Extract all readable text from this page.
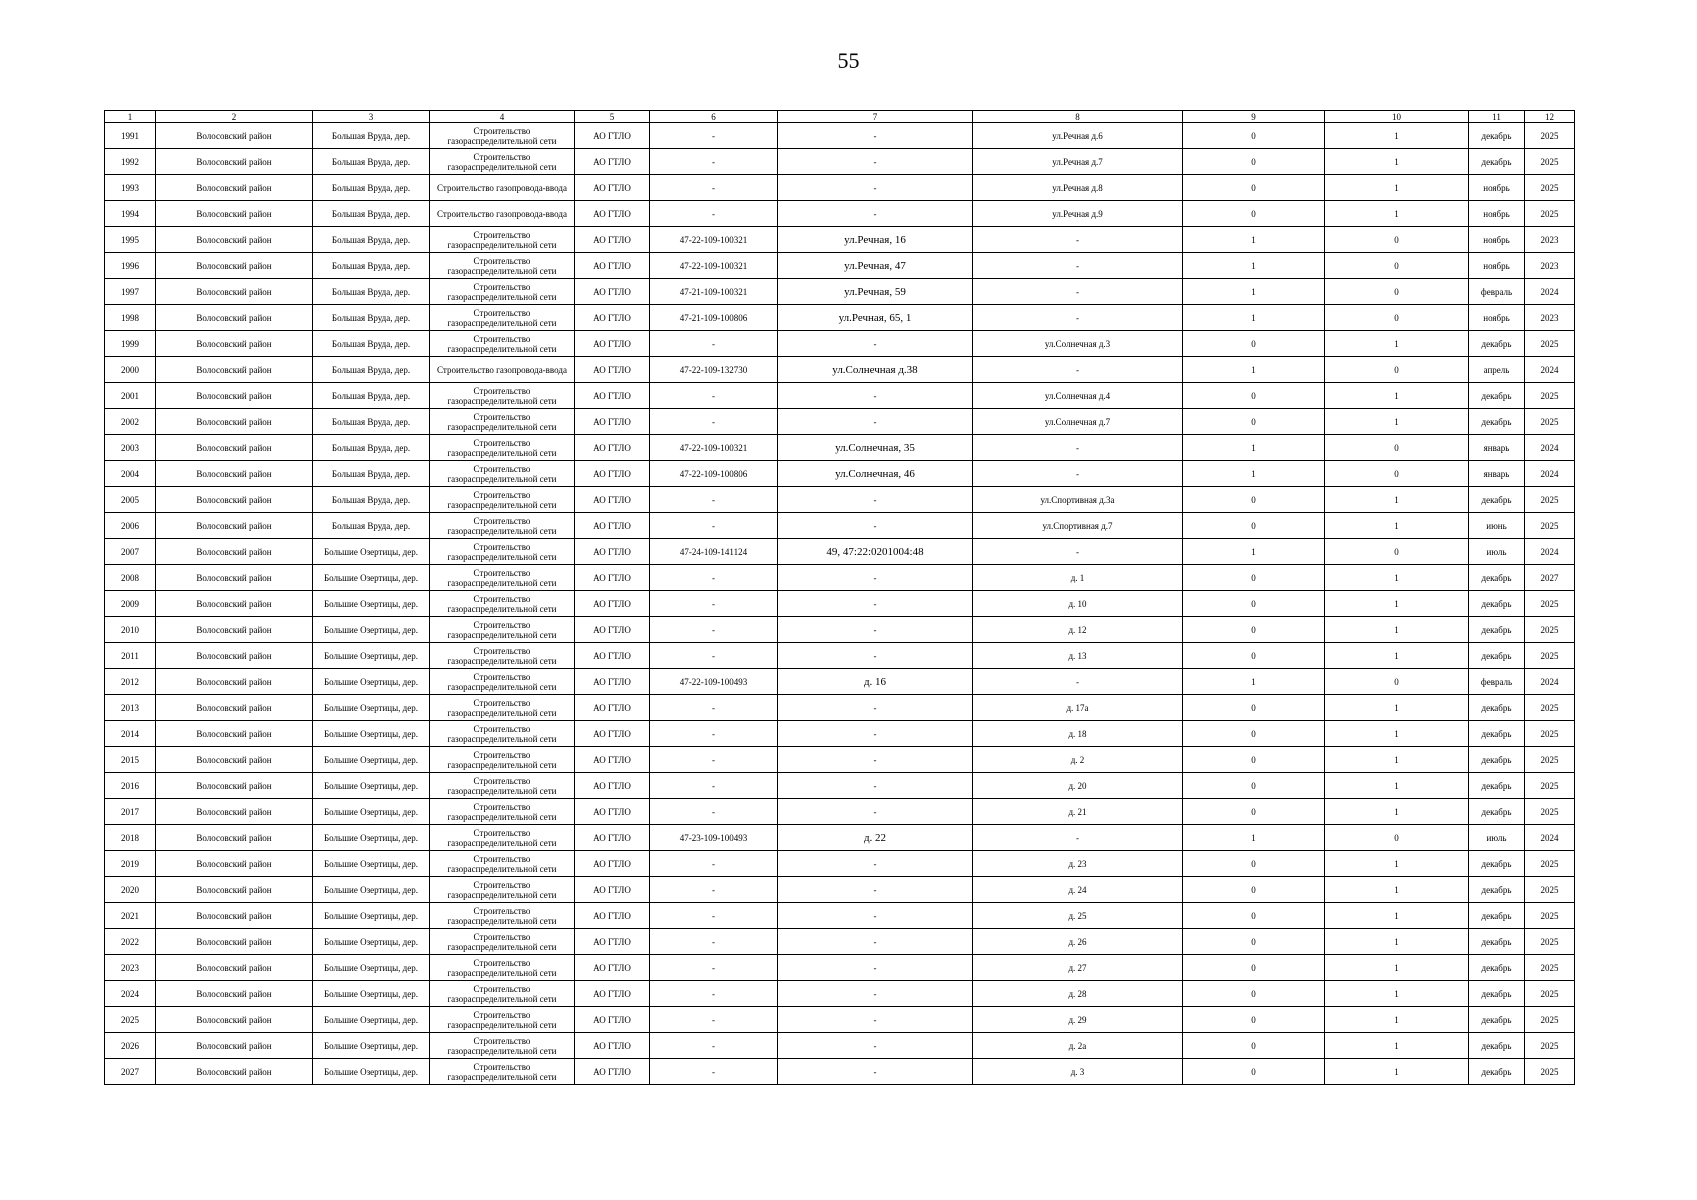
55
1	2	3	4	5	6	7	8	9	10	11	12
1991	Волосовский район	Большая Вруда, дер.	Строительство газораспределительной сети	АО ГТЛО	-	-	ул.Речная д.6	0	1	декабрь	2025
1992	Волосовский район	Большая Вруда, дер.	Строительство газораспределительной сети	АО ГТЛО	-	-	ул.Речная д.7	0	1	декабрь	2025
1993	Волосовский район	Большая Вруда, дер.	Строительство газопровода-ввода	АО ГТЛО	-	-	ул.Речная д.8	0	1	ноябрь	2025
1994	Волосовский район	Большая Вруда, дер.	Строительство газопровода-ввода	АО ГТЛО	-	-	ул.Речная д.9	0	1	ноябрь	2025
1995	Волосовский район	Большая Вруда, дер.	Строительство газораспределительной сети	АО ГТЛО	47-22-109-100321	ул.Речная, 16	-	1	0	ноябрь	2023
1996	Волосовский район	Большая Вруда, дер.	Строительство газораспределительной сети	АО ГТЛО	47-22-109-100321	ул.Речная, 47	-	1	0	ноябрь	2023
1997	Волосовский район	Большая Вруда, дер.	Строительство газораспределительной сети	АО ГТЛО	47-21-109-100321	ул.Речная, 59	-	1	0	февраль	2024
1998	Волосовский район	Большая Вруда, дер.	Строительство газораспределительной сети	АО ГТЛО	47-21-109-100806	ул.Речная, 65, 1	-	1	0	ноябрь	2023
1999	Волосовский район	Большая Вруда, дер.	Строительство газораспределительной сети	АО ГТЛО	-	-	ул.Солнечная д.3	0	1	декабрь	2025
2000	Волосовский район	Большая Вруда, дер.	Строительство газопровода-ввода	АО ГТЛО	47-22-109-132730	ул.Солнечная д.38	-	1	0	апрель	2024
2001	Волосовский район	Большая Вруда, дер.	Строительство газораспределительной сети	АО ГТЛО	-	-	ул.Солнечная д.4	0	1	декабрь	2025
2002	Волосовский район	Большая Вруда, дер.	Строительство газораспределительной сети	АО ГТЛО	-	-	ул.Солнечная д.7	0	1	декабрь	2025
2003	Волосовский район	Большая Вруда, дер.	Строительство газораспределительной сети	АО ГТЛО	47-22-109-100321	ул.Солнечная, 35	-	1	0	январь	2024
2004	Волосовский район	Большая Вруда, дер.	Строительство газораспределительной сети	АО ГТЛО	47-22-109-100806	ул.Солнечная, 46	-	1	0	январь	2024
2005	Волосовский район	Большая Вруда, дер.	Строительство газораспределительной сети	АО ГТЛО	-	-	ул.Спортивная д.3а	0	1	декабрь	2025
2006	Волосовский район	Большая Вруда, дер.	Строительство газораспределительной сети	АО ГТЛО	-	-	ул.Спортивная д.7	0	1	июнь	2025
2007	Волосовский район	Большие Озертицы, дер.	Строительство газораспределительной сети	АО ГТЛО	47-24-109-141124	49, 47:22:0201004:48	-	1	0	июль	2024
2008	Волосовский район	Большие Озертицы, дер.	Строительство газораспределительной сети	АО ГТЛО	-	-	д. 1	0	1	декабрь	2027
2009	Волосовский район	Большие Озертицы, дер.	Строительство газораспределительной сети	АО ГТЛО	-	-	д. 10	0	1	декабрь	2025
2010	Волосовский район	Большие Озертицы, дер.	Строительство газораспределительной сети	АО ГТЛО	-	-	д. 12	0	1	декабрь	2025
2011	Волосовский район	Большие Озертицы, дер.	Строительство газораспределительной сети	АО ГТЛО	-	-	д. 13	0	1	декабрь	2025
2012	Волосовский район	Большие Озертицы, дер.	Строительство газораспределительной сети	АО ГТЛО	47-22-109-100493	д. 16	-	1	0	февраль	2024
2013	Волосовский район	Большие Озертицы, дер.	Строительство газораспределительной сети	АО ГТЛО	-	-	д. 17а	0	1	декабрь	2025
2014	Волосовский район	Большие Озертицы, дер.	Строительство газораспределительной сети	АО ГТЛО	-	-	д. 18	0	1	декабрь	2025
2015	Волосовский район	Большие Озертицы, дер.	Строительство газораспределительной сети	АО ГТЛО	-	-	д. 2	0	1	декабрь	2025
2016	Волосовский район	Большие Озертицы, дер.	Строительство газораспределительной сети	АО ГТЛО	-	-	д. 20	0	1	декабрь	2025
2017	Волосовский район	Большие Озертицы, дер.	Строительство газораспределительной сети	АО ГТЛО	-	-	д. 21	0	1	декабрь	2025
2018	Волосовский район	Большие Озертицы, дер.	Строительство газораспределительной сети	АО ГТЛО	47-23-109-100493	д. 22	-	1	0	июль	2024
2019	Волосовский район	Большие Озертицы, дер.	Строительство газораспределительной сети	АО ГТЛО	-	-	д. 23	0	1	декабрь	2025
2020	Волосовский район	Большие Озертицы, дер.	Строительство газораспределительной сети	АО ГТЛО	-	-	д. 24	0	1	декабрь	2025
2021	Волосовский район	Большие Озертицы, дер.	Строительство газораспределительной сети	АО ГТЛО	-	-	д. 25	0	1	декабрь	2025
2022	Волосовский район	Большие Озертицы, дер.	Строительство газораспределительной сети	АО ГТЛО	-	-	д. 26	0	1	декабрь	2025
2023	Волосовский район	Большие Озертицы, дер.	Строительство газораспределительной сети	АО ГТЛО	-	-	д. 27	0	1	декабрь	2025
2024	Волосовский район	Большие Озертицы, дер.	Строительство газораспределительной сети	АО ГТЛО	-	-	д. 28	0	1	декабрь	2025
2025	Волосовский район	Большие Озертицы, дер.	Строительство газораспределительной сети	АО ГТЛО	-	-	д. 29	0	1	декабрь	2025
2026	Волосовский район	Большие Озертицы, дер.	Строительство газораспределительной сети	АО ГТЛО	-	-	д. 2а	0	1	декабрь	2025
2027	Волосовский район	Большие Озертицы, дер.	Строительство газораспределительной сети	АО ГТЛО	-	-	д. 3	0	1	декабрь	2025
